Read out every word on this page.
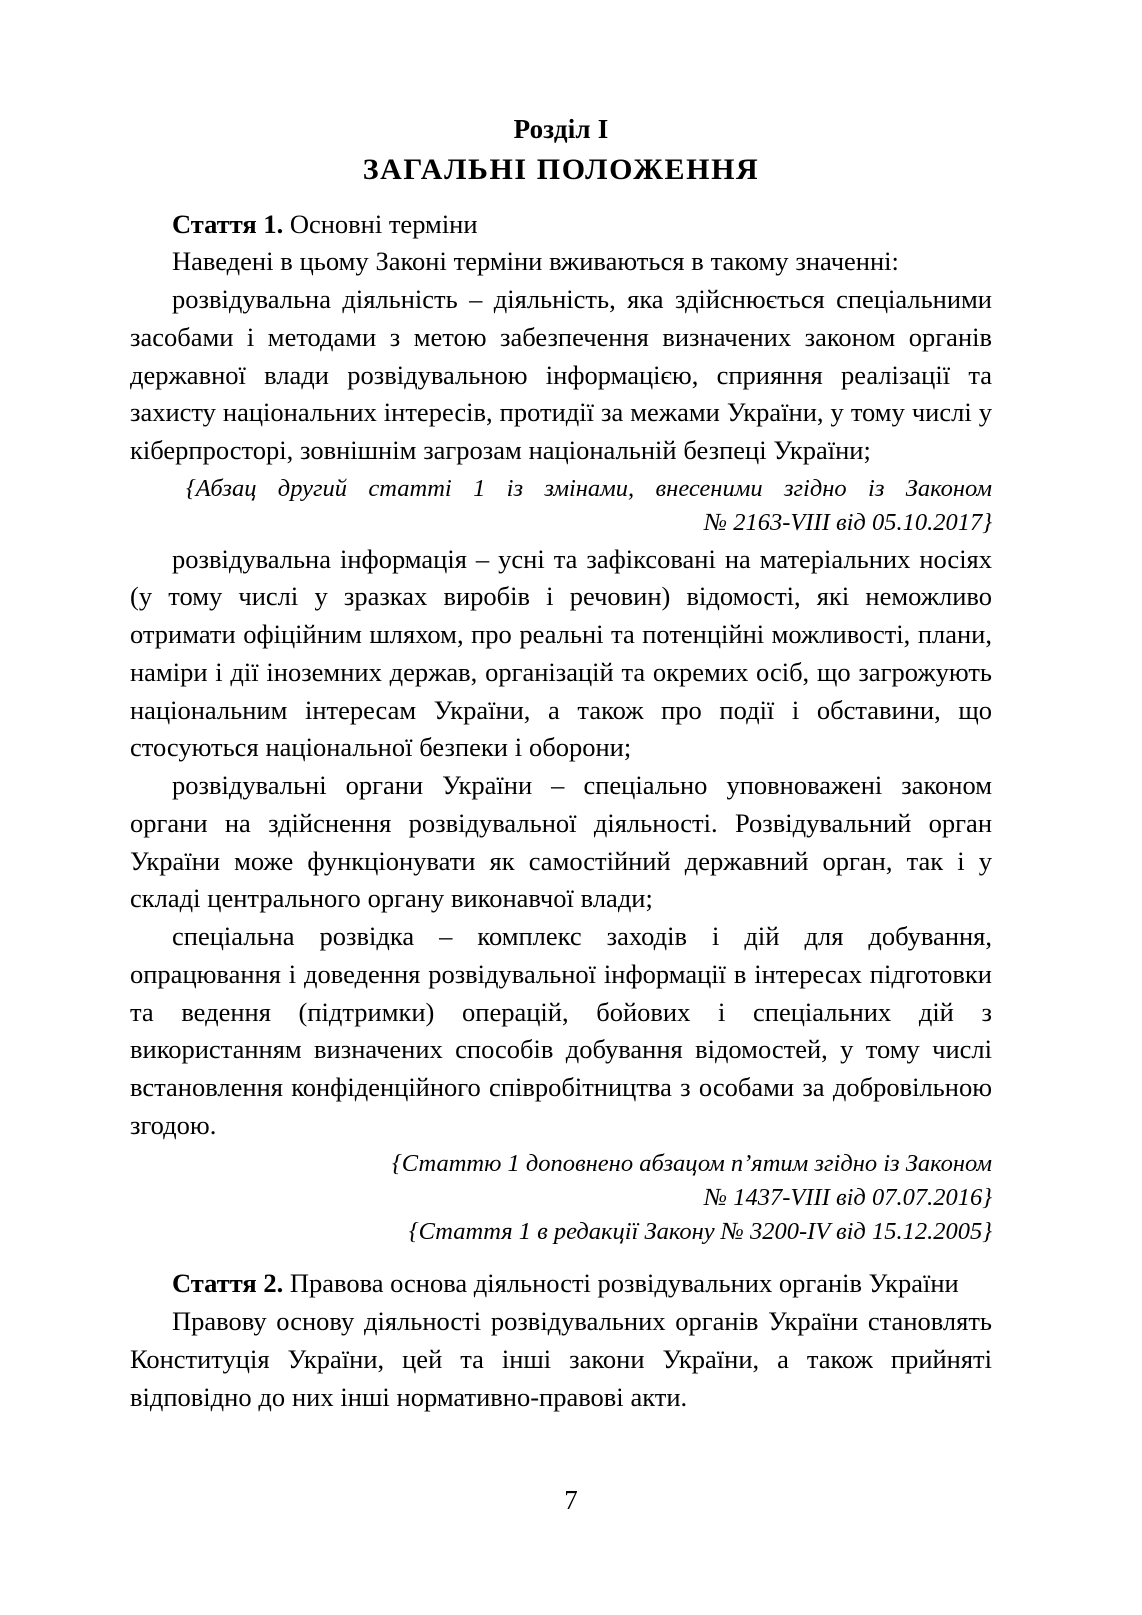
Розділ I
ЗАГАЛЬНІ ПОЛОЖЕННЯ

Стаття 1. Основні терміни

Наведені в цьому Законі терміни вживаються в такому значенні:

розвідувальна діяльність – діяльність, яка здійснюється спеціальними засобами і методами з метою забезпечення визначених законом органів державної влади розвідувальною інформацією, сприяння реалізації та захисту національних інтересів, протидії за межами України, у тому числі у кіберпросторі, зовнішнім загрозам національній безпеці України;

{Абзац другий статті 1 із змінами, внесеними згідно із Законом

№ 2163-VIII від 05.10.2017}

розвідувальна інформація – усні та зафіксовані на матеріальних носіях (у тому числі у зразках виробів і речовин) відомості, які неможливо отримати офіційним шляхом, про реальні та потенційні можливості, плани, наміри і дії іноземних держав, організацій та окремих осіб, що загрожують національним інтересам України, а також про події і обставини, що стосуються національної безпеки і оборони;

розвідувальні органи України – спеціально уповноважені законом органи на здійснення розвідувальної діяльності. Розвідувальний орган України може функціонувати як самостійний державний орган, так і у складі центрального органу виконавчої влади;

спеціальна розвідка – комплекс заходів і дій для добування, опрацювання і доведення розвідувальної інформації в інтересах підготовки та ведення (підтримки) операцій, бойових і спеціальних дій з використанням визначених способів добування відомостей, у тому числі встановлення конфіденційного співробітництва з особами за добровільною згодою.

{Статтю 1 доповнено абзацом п’ятим згідно із Законом

№ 1437-VIII від 07.07.2016}

{Стаття 1 в редакції Закону № 3200-IV від 15.12.2005}

Стаття 2. Правова основа діяльності розвідувальних органів України

Правову основу діяльності розвідувальних органів України становлять Конституція України, цей та інші закони України, а також прийняті відповідно до них інші нормативно-правові акти.

7
